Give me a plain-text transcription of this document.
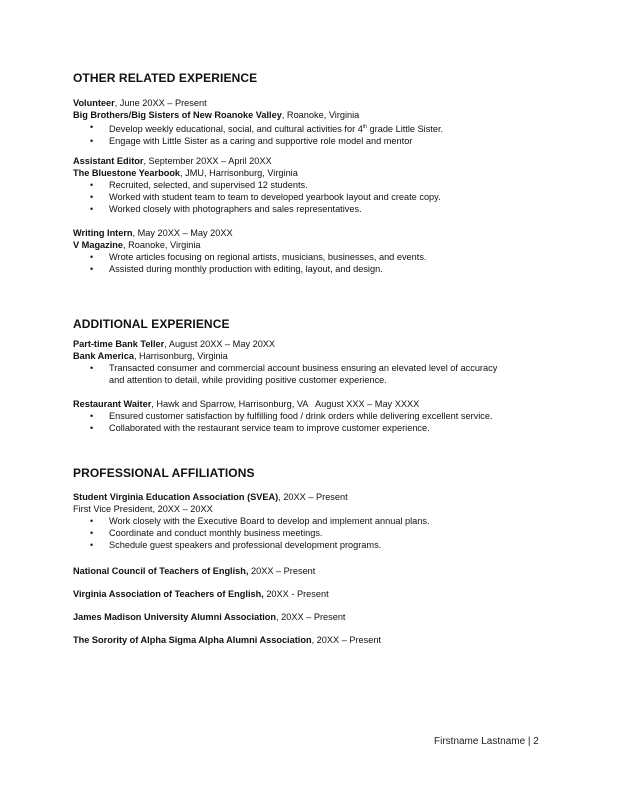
OTHER RELATED EXPERIENCE
Volunteer, June 20XX – Present
Big Brothers/Big Sisters of New Roanoke Valley, Roanoke, Virginia
• Develop weekly educational, social, and cultural activities for 4th grade Little Sister.
• Engage with Little Sister as a caring and supportive role model and mentor
Assistant Editor, September 20XX – April 20XX
The Bluestone Yearbook, JMU, Harrisonburg, Virginia
• Recruited, selected, and supervised 12 students.
• Worked with student team to team to developed yearbook layout and create copy.
• Worked closely with photographers and sales representatives.
Writing Intern, May 20XX – May 20XX
V Magazine, Roanoke, Virginia
• Wrote articles focusing on regional artists, musicians, businesses, and events.
• Assisted during monthly production with editing, layout, and design.
ADDITIONAL EXPERIENCE
Part-time Bank Teller, August 20XX – May 20XX
Bank America, Harrisonburg, Virginia
• Transacted consumer and commercial account business ensuring an elevated level of accuracy
and attention to detail, while providing positive customer experience.
Restaurant Waiter, Hawk and Sparrow, Harrisonburg, VA   August XXX – May XXXX
• Ensured customer satisfaction by fulfilling food / drink orders while delivering excellent service.
• Collaborated with the restaurant service team to improve customer experience.
PROFESSIONAL AFFILIATIONS
Student Virginia Education Association (SVEA), 20XX – Present
First Vice President, 20XX – 20XX
• Work closely with the Executive Board to develop and implement annual plans.
• Coordinate and conduct monthly business meetings.
• Schedule guest speakers and professional development programs.
National Council of Teachers of English, 20XX – Present
Virginia Association of Teachers of English, 20XX - Present
James Madison University Alumni Association, 20XX – Present
The Sorority of Alpha Sigma Alpha Alumni Association, 20XX – Present
Firstname Lastname | 2
